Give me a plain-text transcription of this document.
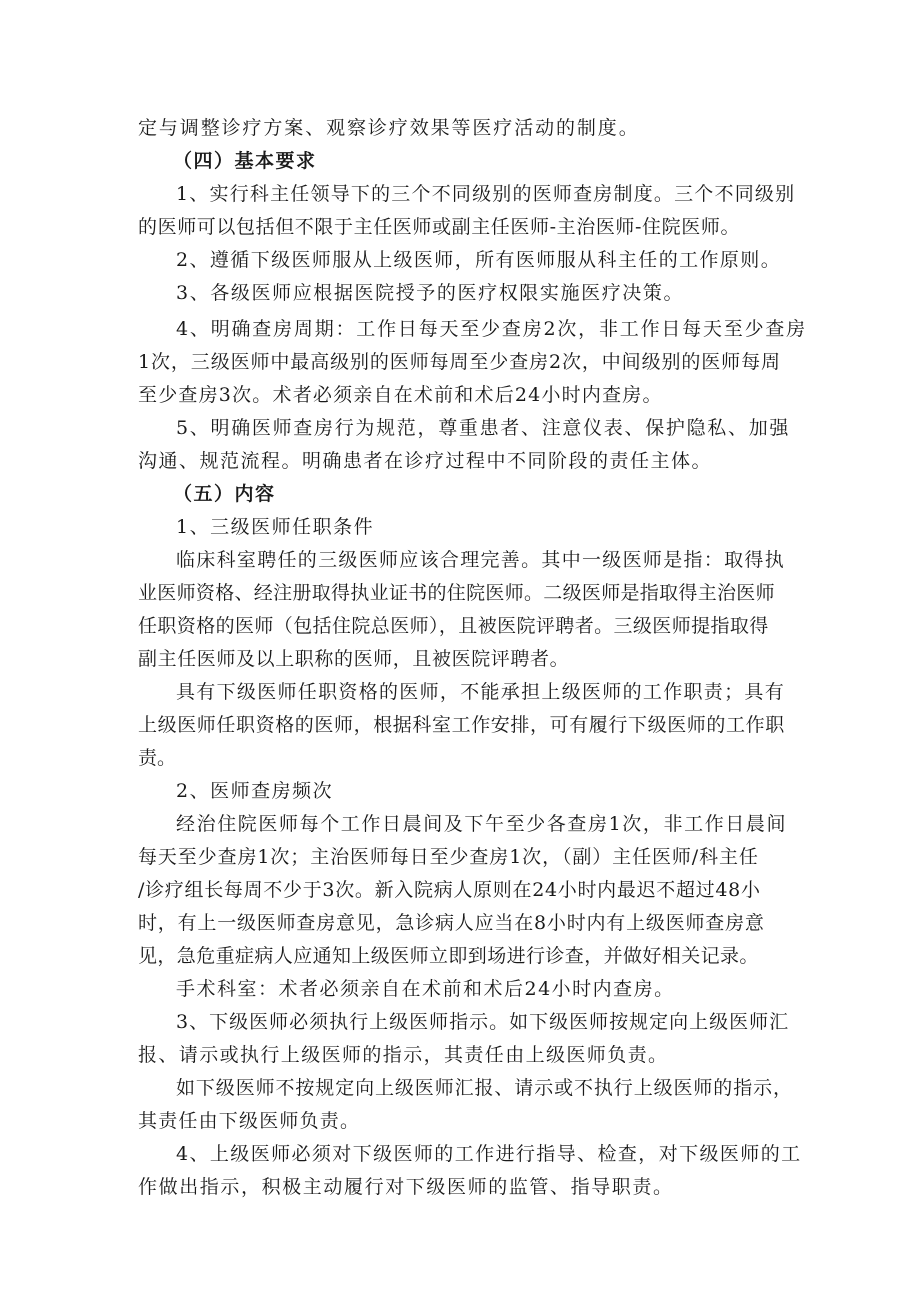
定与调整诊疗方案、观察诊疗效果等医疗活动的制度。

（四）基本要求

1、实行科主任领导下的三个不同级别的医师查房制度。三个不同级别

的医师可以包括但不限于主任医师或副主任医师-主治医师-住院医师。

2、遵循下级医师服从上级医师，所有医师服从科主任的工作原则。

3、各级医师应根据医院授予的医疗权限实施医疗决策。

4、明确查房周期：工作日每天至少查房2次，非工作日每天至少查房

1次，三级医师中最高级别的医师每周至少查房2次，中间级别的医师每周

至少查房3次。术者必须亲自在术前和术后24小时内查房。

5、明确医师查房行为规范，尊重患者、注意仪表、保护隐私、加强

沟通、规范流程。明确患者在诊疗过程中不同阶段的责任主体。

（五）内容

1、三级医师任职条件

临床科室聘任的三级医师应该合理完善。其中一级医师是指：取得执

业医师资格、经注册取得执业证书的住院医师。二级医师是指取得主治医师

任职资格的医师（包括住院总医师），且被医院评聘者。三级医师提指取得

副主任医师及以上职称的医师，且被医院评聘者。

具有下级医师任职资格的医师，不能承担上级医师的工作职责；具有

上级医师任职资格的医师，根据科室工作安排，可有履行下级医师的工作职

责。

2、医师查房频次

经治住院医师每个工作日晨间及下午至少各查房1次，非工作日晨间

每天至少查房1次；主治医师每日至少查房1次，（副）主任医师/科主任

/诊疗组长每周不少于3次。新入院病人原则在24小时内最迟不超过48小

时，有上一级医师查房意见，急诊病人应当在8小时内有上级医师查房意

见，急危重症病人应通知上级医师立即到场进行诊查，并做好相关记录。

手术科室：术者必须亲自在术前和术后24小时内查房。

3、下级医师必须执行上级医师指示。如下级医师按规定向上级医师汇

报、请示或执行上级医师的指示，其责任由上级医师负责。

如下级医师不按规定向上级医师汇报、请示或不执行上级医师的指示，

其责任由下级医师负责。

4、上级医师必须对下级医师的工作进行指导、检查，对下级医师的工

作做出指示，积极主动履行对下级医师的监管、指导职责。
